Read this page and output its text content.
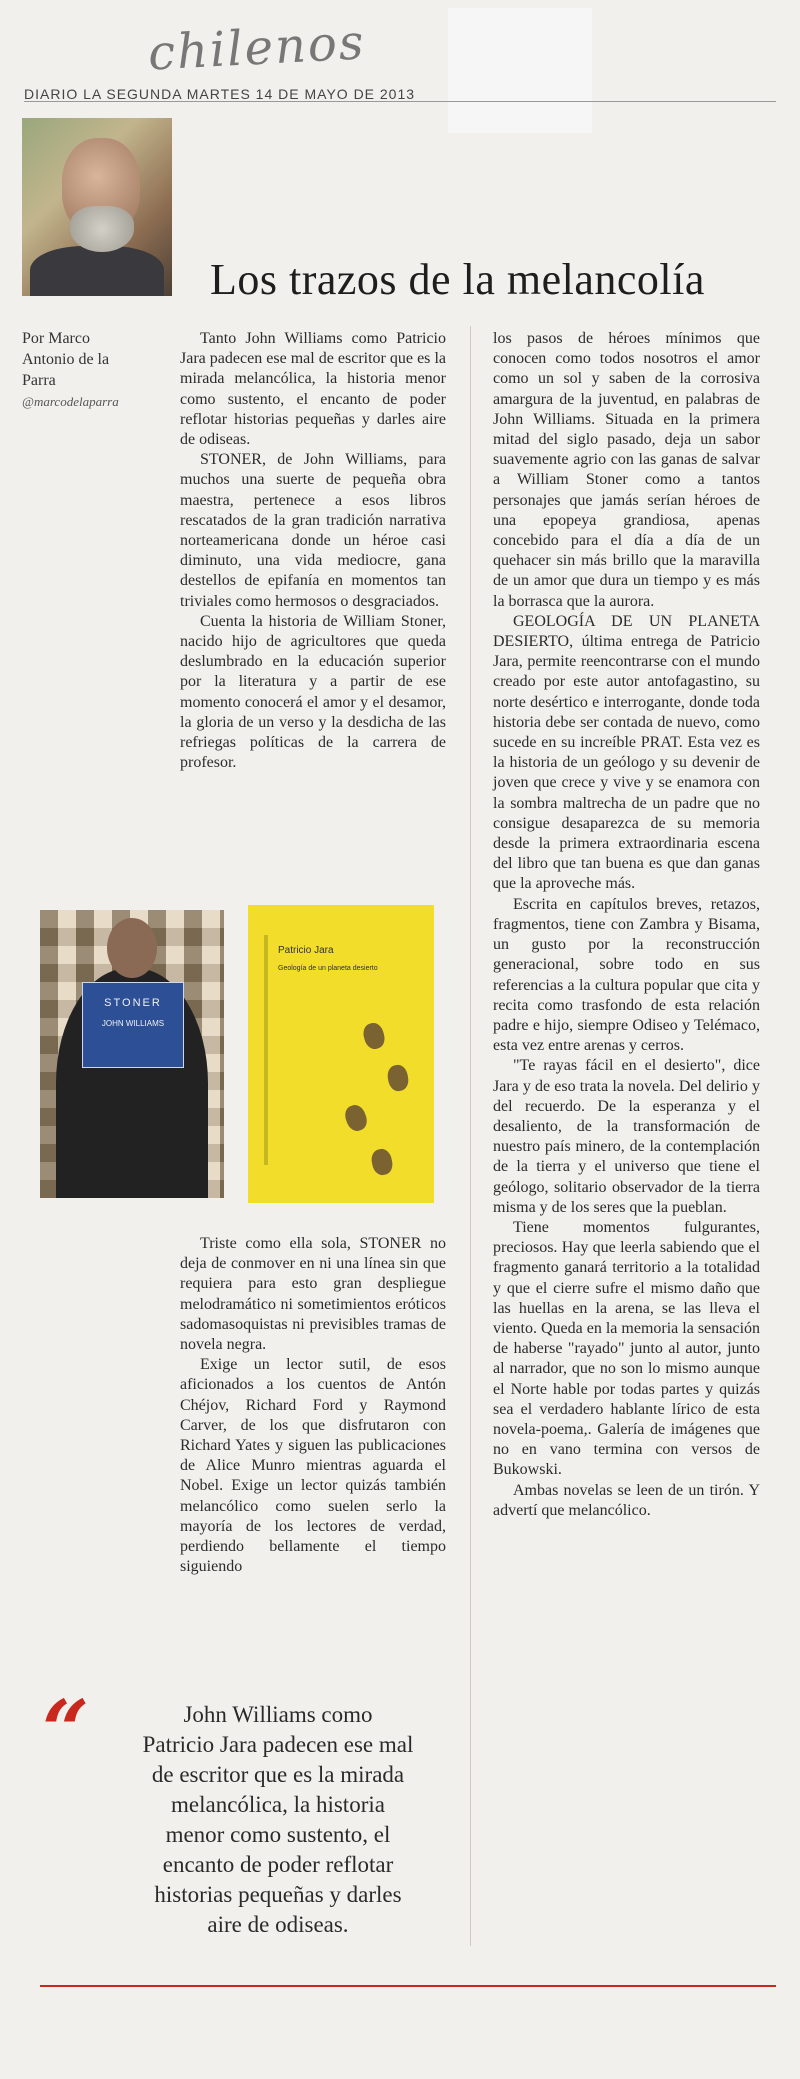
chilenos
DIARIO LA SEGUNDA MARTES 14 DE MAYO DE 2013
Los trazos de la melancolía
Por Marco
Antonio de la
Parra
@marcodelaparra

Tanto John Williams como Patricio Jara padecen ese mal de escritor que es la mirada melancólica, la historia menor como sustento, el encanto de poder reflotar historias pequeñas y darles aire de odiseas.

STONER, de John Williams, para muchos una suerte de pequeña obra maestra, pertenece a esos libros rescatados de la gran tradición narrativa norteamericana donde un héroe casi diminuto, una vida mediocre, gana destellos de epifanía en momentos tan triviales como hermosos o desgraciados.

Cuenta la historia de William Stoner, nacido hijo de agricultores que queda deslumbrado en la educación superior por la literatura y a partir de ese momento conocerá el amor y el desamor, la gloria de un verso y la desdicha de las refriegas políticas de la carrera de profesor.

STONER
JOHN WILLIAMS
Patricio Jara
Geología de un planeta desierto

Triste como ella sola, STONER no deja de conmover en ni una línea sin que requiera para esto gran despliegue melodramático ni sometimientos eróticos sadomasoquistas ni previsibles tramas de novela negra.

Exige un lector sutil, de esos aficionados a los cuentos de Antón Chéjov, Richard Ford y Raymond Carver, de los que disfrutaron con Richard Yates y siguen las publicaciones de Alice Munro mientras aguarda el Nobel. Exige un lector quizás también melancólico como suelen serlo la mayoría de los lectores de verdad, perdiendo bellamente el tiempo siguiendo

los pasos de héroes mínimos que conocen como todos nosotros el amor como un sol y saben de la corrosiva amargura de la juventud, en palabras de John Williams. Situada en la primera mitad del siglo pasado, deja un sabor suavemente agrio con las ganas de salvar a William Stoner como a tantos personajes que jamás serían héroes de una epopeya grandiosa, apenas concebido para el día a día de un quehacer sin más brillo que la maravilla de un amor que dura un tiempo y es más la borrasca que la aurora.

GEOLOGÍA DE UN PLANETA DESIERTO, última entrega de Patricio Jara, permite reencontrarse con el mundo creado por este autor antofagastino, su norte desértico e interrogante, donde toda historia debe ser contada de nuevo, como sucede en su increíble PRAT. Esta vez es la historia de un geólogo y su devenir de joven que crece y vive y se enamora con la sombra maltrecha de un padre que no consigue desaparezca de su memoria desde la primera extraordinaria escena del libro que tan buena es que dan ganas que la aproveche más.

Escrita en capítulos breves, retazos, fragmentos, tiene con Zambra y Bisama, un gusto por la reconstrucción generacional, sobre todo en sus referencias a la cultura popular que cita y recita como trasfondo de esta relación padre e hijo, siempre Odiseo y Telémaco, esta vez entre arenas y cerros.

"Te rayas fácil en el desierto", dice Jara y de eso trata la novela. Del delirio y del recuerdo. De la esperanza y el desaliento, de la transformación de nuestro país minero, de la contemplación de la tierra y el universo que tiene el geólogo, solitario observador de la tierra misma y de los seres que la pueblan.

Tiene momentos fulgurantes, preciosos. Hay que leerla sabiendo que el fragmento ganará territorio a la totalidad y que el cierre sufre el mismo daño que las huellas en la arena, se las lleva el viento. Queda en la memoria la sensación de haberse "rayado" junto al autor, junto al narrador, que no son lo mismo aunque el Norte hable por todas partes y quizás sea el verdadero hablante lírico de esta novela-poema,. Galería de imágenes que no en vano termina con versos de Bukowski.

Ambas novelas se leen de un tirón. Y advertí que melancólico.

“	John Williams como
Patricio Jara padecen ese mal
de escritor que es la mirada
melancólica, la historia
menor como sustento, el
encanto de poder reflotar
historias pequeñas y darles
aire de odiseas.
